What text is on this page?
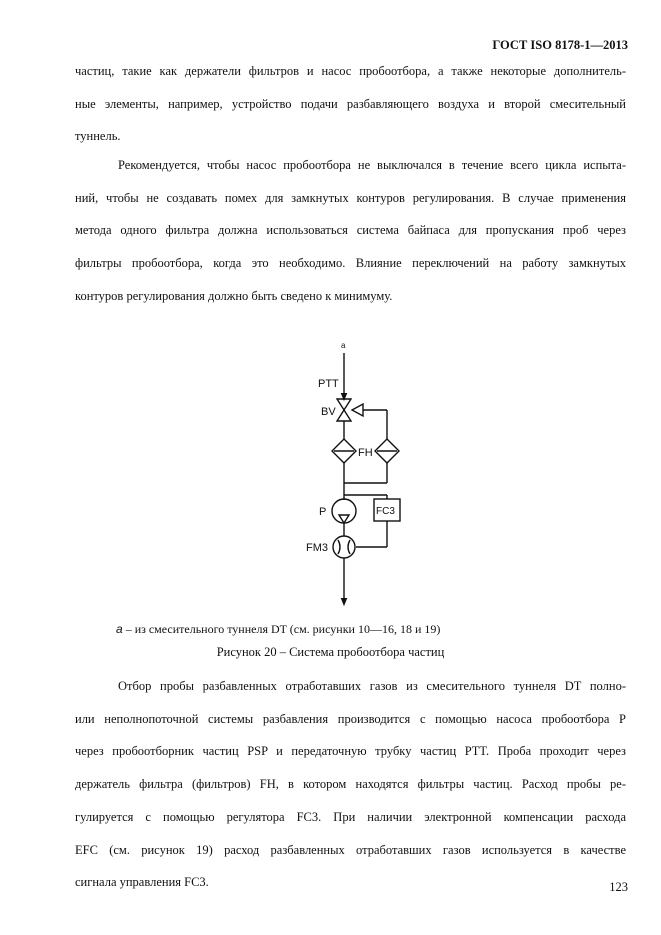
ГОСТ ISO 8178-1—2013
частиц, такие как держатели фильтров и насос пробоотбора, а также некоторые дополнитель-
ные элементы, например, устройство подачи разбавляющего воздуха и второй смесительный
туннель.
Рекомендуется, чтобы насос пробоотбора не выключался в течение всего цикла испыта-
ний, чтобы не создавать помех для замкнутых контуров регулирования. В случае применения
метода одного фильтра должна использоваться система байпаса для пропускания проб через
фильтры пробоотбора, когда это необходимо. Влияние переключений на работу замкнутых
контуров регулирования должно быть сведено к минимуму.
a
PTT
BV
FH
P	FC3
FM3
a – из смесительного туннеля DT (см. рисунки 10—16, 18 и 19)
Рисунок 20 – Система пробоотбора частиц
Отбор пробы разбавленных отработавших газов из смесительного туннеля DT полно-
или неполнопоточной системы разбавления производится с помощью насоса пробоотбора P
через пробоотборник частиц PSP и передаточную трубку частиц PTT. Проба проходит через
держатель фильтра (фильтров) FH, в котором находятся фильтры частиц. Расход пробы ре-
гулируется с помощью регулятора FC3. При наличии электронной компенсации расхода
EFC (см. рисунок 19) расход разбавленных отработавших газов используется в качестве
сигнала управления FC3.	123
